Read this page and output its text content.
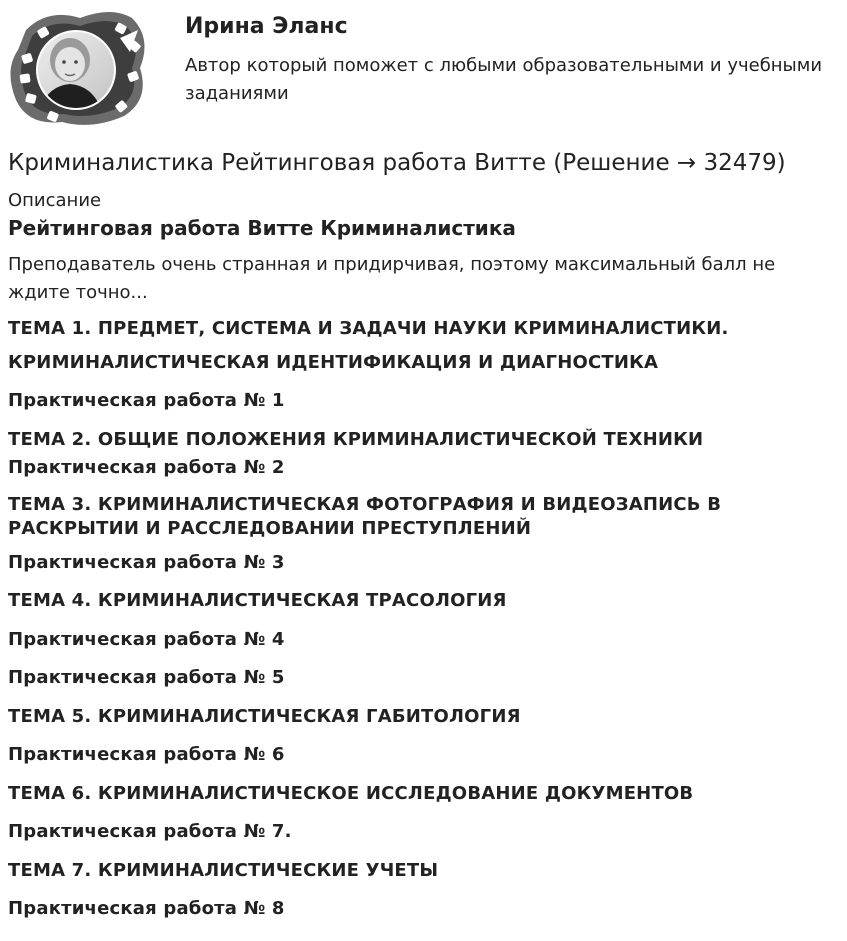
Ирина Эланс
Автор который поможет с любыми образовательными и учебными заданиями
Криминалистика Рейтинговая работа Витте (Решение → 32479)
Описание
Рейтинговая работа Витте Криминалистика
Преподаватель очень странная и придирчивая, поэтому максимальный балл не ждите точно...
ТЕМА 1. ПРЕДМЕТ, СИСТЕМА И ЗАДАЧИ НАУКИ КРИМИНАЛИСТИКИ.
КРИМИНАЛИСТИЧЕСКАЯ ИДЕНТИФИКАЦИЯ И ДИАГНОСТИКА
Практическая работа № 1
ТЕМА 2. ОБЩИЕ ПОЛОЖЕНИЯ КРИМИНАЛИСТИЧЕСКОЙ ТЕХНИКИ
Практическая работа № 2
ТЕМА 3. КРИМИНАЛИСТИЧЕСКАЯ ФОТОГРАФИЯ И ВИДЕОЗАПИСЬ В РАСКРЫТИИ И РАССЛЕДОВАНИИ ПРЕСТУПЛЕНИЙ
Практическая работа № 3
ТЕМА 4. КРИМИНАЛИСТИЧЕСКАЯ ТРАСОЛОГИЯ
Практическая работа № 4
Практическая работа № 5
ТЕМА 5. КРИМИНАЛИСТИЧЕСКАЯ ГАБИТОЛОГИЯ
Практическая работа № 6
ТЕМА 6. КРИМИНАЛИСТИЧЕСКОЕ ИССЛЕДОВАНИЕ ДОКУМЕНТОВ
Практическая работа № 7.
ТЕМА 7. КРИМИНАЛИСТИЧЕСКИЕ УЧЕТЫ
Практическая работа № 8
